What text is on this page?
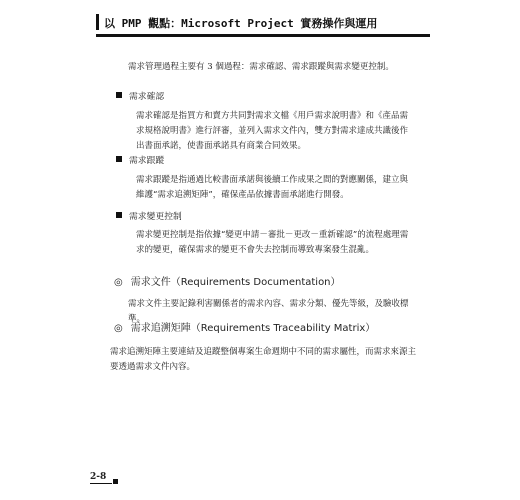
以 PMP 觀點：Microsoft Project 實務操作與運用

需求管理過程主要有 3 個過程：需求確認、需求跟蹤與需求變更控制。

需求確認

需求確認是指買方和賣方共同對需求文檔《用戶需求說明書》和《產品需求規格說明書》進行評審，並列入需求文件內，雙方對需求達成共識後作出書面承諾，使書面承諾具有商業合同效果。

需求跟蹤

需求跟蹤是指通過比較書面承諾與後續工作成果之間的對應關係，建立與維護“需求追溯矩陣”，確保產品依據書面承諾進行開發。

需求變更控制

需求變更控制是指依據“變更申請－審批－更改－重新確認”的流程處理需求的變更，確保需求的變更不會失去控制而導致專案發生混亂。

◎ 需求文件（Requirements Documentation）

需求文件主要記錄利害關係者的需求內容、需求分類、優先等級，及驗收標準。

◎ 需求追溯矩陣（Requirements Traceability Matrix）

需求追溯矩陣主要連結及追蹤整個專案生命週期中不同的需求屬性，而需求來源主要透過需求文件內容。

2-8
